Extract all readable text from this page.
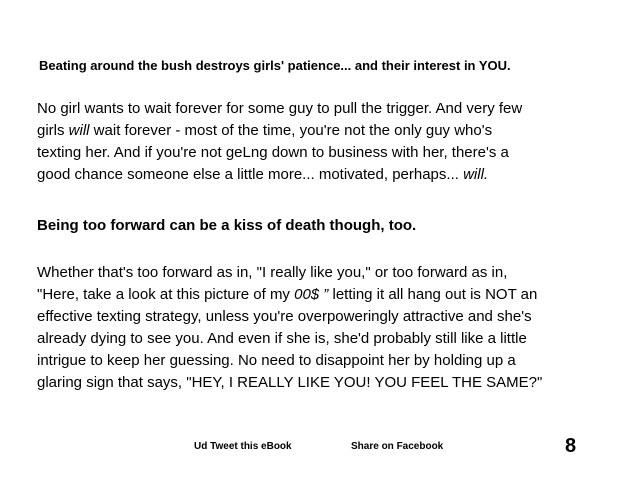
Beating around the bush destroys girls' patience... and their interest in YOU.

No girl wants to wait forever for some guy to pull the trigger. And very few
girls will wait forever - most of the time, you're not the only guy who's
texting her. And if you're not geLng down to business with her, there's a
good chance someone else a little more... motivated, perhaps... will.

Being too forward can be a kiss of death though, too.

Whether that's too forward as in, "I really like you," or too forward as in,
"Here, take a look at this picture of my 00$ ” letting it all hang out is NOT an
effective texting strategy, unless you're overpoweringly attractive and she's
already dying to see you. And even if she is, she'd probably still like a little
intrigue to keep her guessing. No need to disappoint her by holding up a
glaring sign that says, "HEY, I REALLY LIKE YOU! YOU FEEL THE SAME?"

Ud Tweet this eBook	Share on Facebook	8
